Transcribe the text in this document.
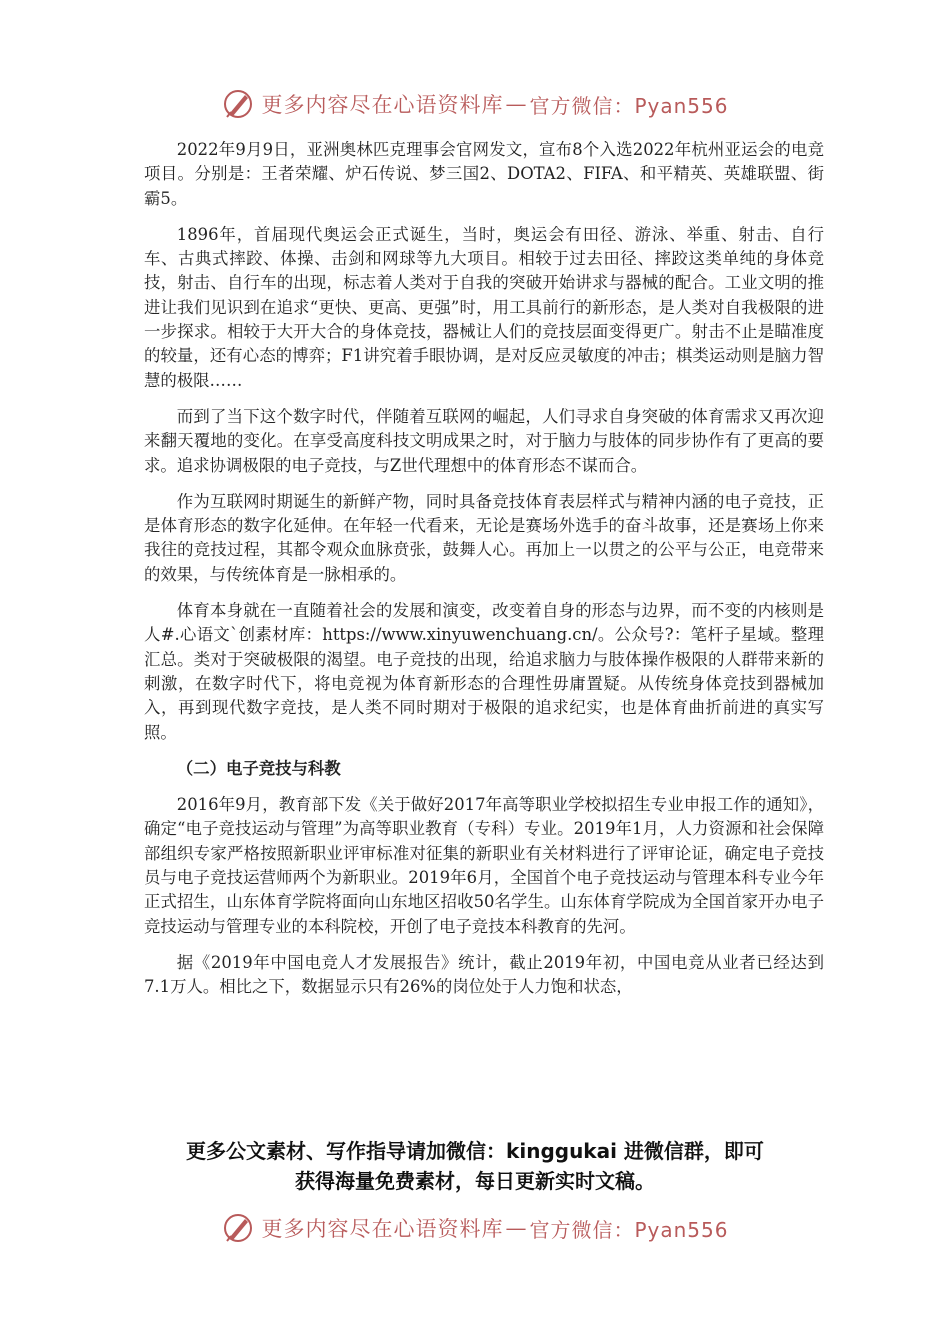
更多内容尽在心语资料库 — 官方微信：Pyan556

2022年9月9日，亚洲奥林匹克理事会官网发文，宣布8个入选2022年杭州亚运会的电竞项目。分别是：王者荣耀、炉石传说、梦三国2、DOTA2、FIFA、和平精英、英雄联盟、街霸5。

1896年，首届现代奥运会正式诞生，当时，奥运会有田径、游泳、举重、射击、自行车、古典式摔跤、体操、击剑和网球等九大项目。相较于过去田径、摔跤这类单纯的身体竞技，射击、自行车的出现，标志着人类对于自我的突破开始讲求与器械的配合。工业文明的推进让我们见识到在追求“更快、更高、更强”时，用工具前行的新形态，是人类对自我极限的进一步探求。相较于大开大合的身体竞技，器械让人们的竞技层面变得更广。射击不止是瞄准度的较量，还有心态的博弈；F1讲究着手眼协调，是对反应灵敏度的冲击；棋类运动则是脑力智慧的极限……

而到了当下这个数字时代，伴随着互联网的崛起，人们寻求自身突破的体育需求又再次迎来翻天覆地的变化。在享受高度科技文明成果之时，对于脑力与肢体的同步协作有了更高的要求。追求协调极限的电子竞技，与Z世代理想中的体育形态不谋而合。

作为互联网时期诞生的新鲜产物，同时具备竞技体育表层样式与精神内涵的电子竞技，正是体育形态的数字化延伸。在年轻一代看来，无论是赛场外选手的奋斗故事，还是赛场上你来我往的竞技过程，其都令观众血脉贲张，鼓舞人心。再加上一以贯之的公平与公正，电竞带来的效果，与传统体育是一脉相承的。

体育本身就在一直随着社会的发展和演变，改变着自身的形态与边界，而不变的内核则是人#.心语文`创素材库：https://www.xinyuwenchuang.cn/。公众号?：笔杆子星域。整理汇总。类对于突破极限的渴望。电子竞技的出现，给追求脑力与肢体操作极限的人群带来新的刺激，在数字时代下，将电竞视为体育新形态的合理性毋庸置疑。从传统身体竞技到器械加入，再到现代数字竞技，是人类不同时期对于极限的追求纪实，也是体育曲折前进的真实写照。

（二）电子竞技与科教

2016年9月，教育部下发《关于做好2017年高等职业学校拟招生专业申报工作的通知》，确定“电子竞技运动与管理”为高等职业教育（专科）专业。2019年1月，人力资源和社会保障部组织专家严格按照新职业评审标准对征集的新职业有关材料进行了评审论证，确定电子竞技员与电子竞技运营师两个为新职业。2019年6月，全国首个电子竞技运动与管理本科专业今年正式招生，山东体育学院将面向山东地区招收50名学生。山东体育学院成为全国首家开办电子竞技运动与管理专业的本科院校，开创了电子竞技本科教育的先河。

据《2019年中国电竞人才发展报告》统计，截止2019年初，中国电竞从业者已经达到7.1万人。相比之下，数据显示只有26%的岗位处于人力饱和状态，

更多公文素材、写作指导请加微信：kinggukai 进微信群，即可
获得海量免费素材，每日更新实时文稿。
更多内容尽在心语资料库 — 官方微信：Pyan556
